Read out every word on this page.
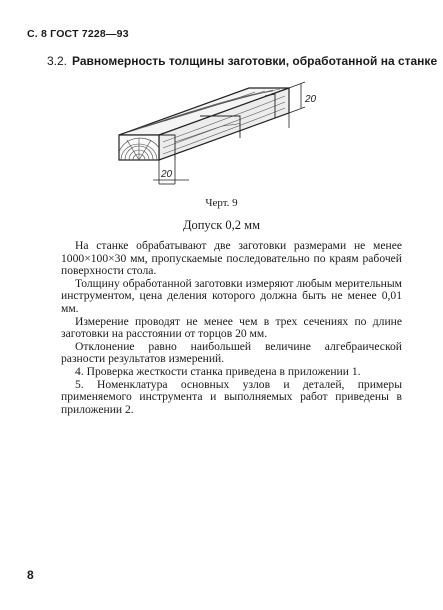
С. 8 ГОСТ 7228—93
3.2. Равномерность толщины заготовки, обработанной на станке
20
20
Черт. 9
Допуск 0,2 мм

На станке обрабатывают две заготовки размерами не менее 1000×100×30 мм, пропускаемые последовательно по краям рабочей поверхности стола.

Толщину обработанной заготовки измеряют любым мерительным инструментом, цена деления которого должна быть не менее 0,01 мм.

Измерение проводят не менее чем в трех сечениях по длине заготовки на расстоянии от торцов 20 мм.

Отклонение равно наибольшей величине алгебраической разности результатов измерений.

4. Проверка жесткости станка приведена в приложении 1.

5. Номенклатура основных узлов и деталей, примеры применяемого инструмента и выполняемых работ приведены в приложении 2.

8
